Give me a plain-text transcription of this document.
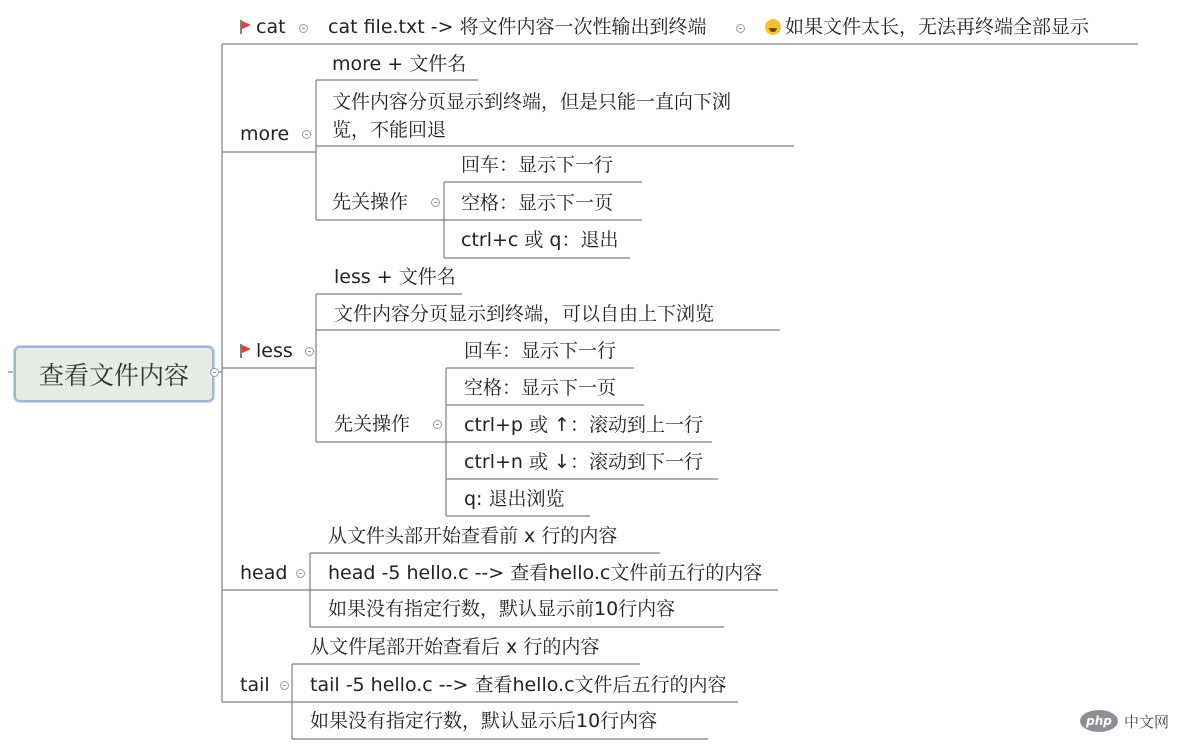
查看文件内容
cat cat file.txt -> 将文件内容一次性输出到终端	如果文件太长，无法再终端全部显示
more
more + 文件名
文件内容分页显示到终端，但是只能一直向下浏
览，不能回退
先关操作
回车：显示下一行
空格：显示下一页
ctrl+c 或 q：退出
less
less + 文件名
文件内容分页显示到终端，可以自由上下浏览
先关操作
回车：显示下一行
空格：显示下一页
ctrl+p 或 ↑：滚动到上一行
ctrl+n 或 ↓：滚动到下一行
q: 退出浏览
head
从文件头部开始查看前 x 行的内容
head -5 hello.c --> 查看hello.c文件前五行的内容
如果没有指定行数，默认显示前10行内容
tail
从文件尾部开始查看后 x 行的内容
tail -5 hello.c --> 查看hello.c文件后五行的内容
如果没有指定行数，默认显示后10行内容	php 中文网
